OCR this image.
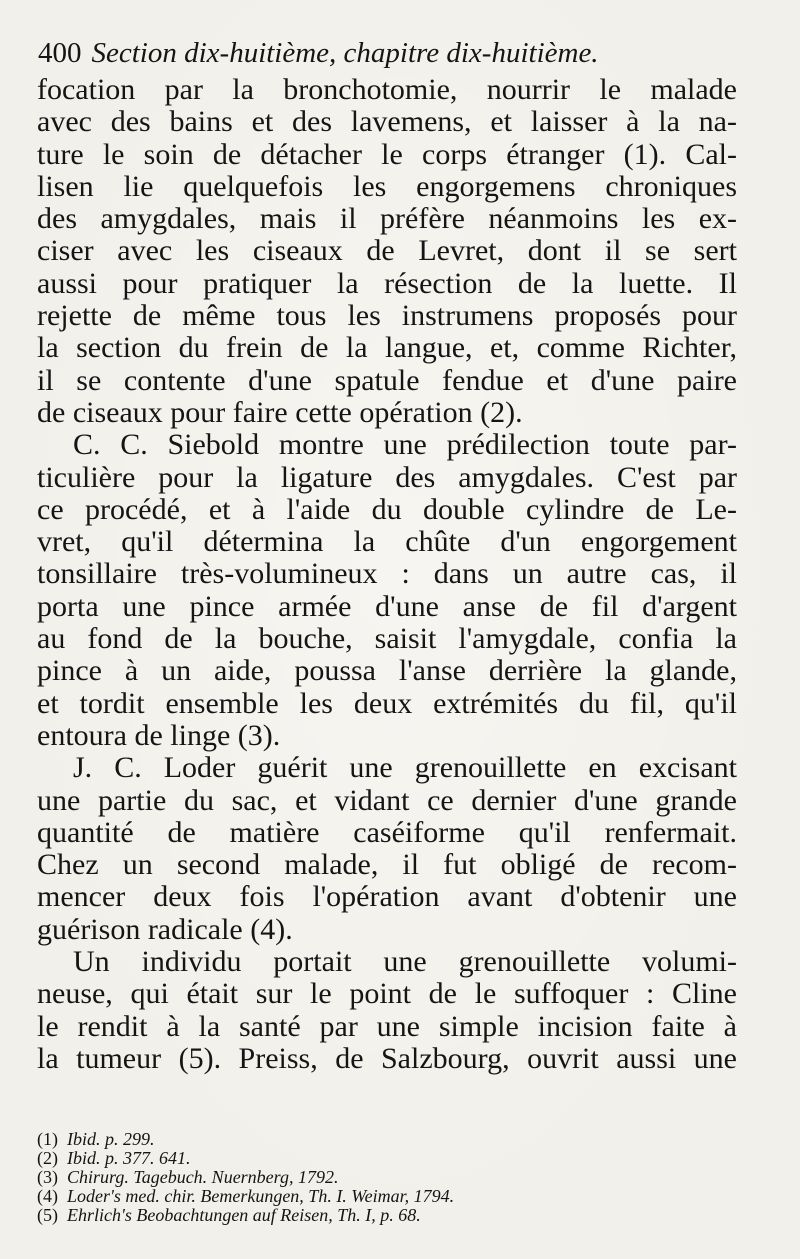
400 Section dix-huitième, chapitre dix-huitième.
focation par la bronchotomie, nourrir le malade
avec des bains et des lavemens, et laisser à la na-
ture le soin de détacher le corps étranger (1). Cal-
lisen lie quelquefois les engorgemens chroniques
des amygdales, mais il préfère néanmoins les ex-
ciser avec les ciseaux de Levret, dont il se sert
aussi pour pratiquer la résection de la luette. Il
rejette de même tous les instrumens proposés pour
la section du frein de la langue, et, comme Richter,
il se contente d'une spatule fendue et d'une paire
de ciseaux pour faire cette opération (2).
C. C. Siebold montre une prédilection toute par-
ticulière pour la ligature des amygdales. C'est par
ce procédé, et à l'aide du double cylindre de Le-
vret, qu'il détermina la chûte d'un engorgement
tonsillaire très-volumineux : dans un autre cas, il
porta une pince armée d'une anse de fil d'argent
au fond de la bouche, saisit l'amygdale, confia la
pince à un aide, poussa l'anse derrière la glande,
et tordit ensemble les deux extrémités du fil, qu'il
entoura de linge (3).
J. C. Loder guérit une grenouillette en excisant
une partie du sac, et vidant ce dernier d'une grande
quantité de matière caséiforme qu'il renfermait.
Chez un second malade, il fut obligé de recom-
mencer deux fois l'opération avant d'obtenir une
guérison radicale (4).
Un individu portait une grenouillette volumi-
neuse, qui était sur le point de le suffoquer : Cline
le rendit à la santé par une simple incision faite à
la tumeur (5). Preiss, de Salzbourg, ouvrit aussi une
(1) Ibid. p. 299.
(2) Ibid. p. 377. 641.
(3) Chirurg. Tagebuch. Nuernberg, 1792.
(4) Loder's med. chir. Bemerkungen, Th. I. Weimar, 1794.
(5) Ehrlich's Beobachtungen auf Reisen, Th. I, p. 68.
